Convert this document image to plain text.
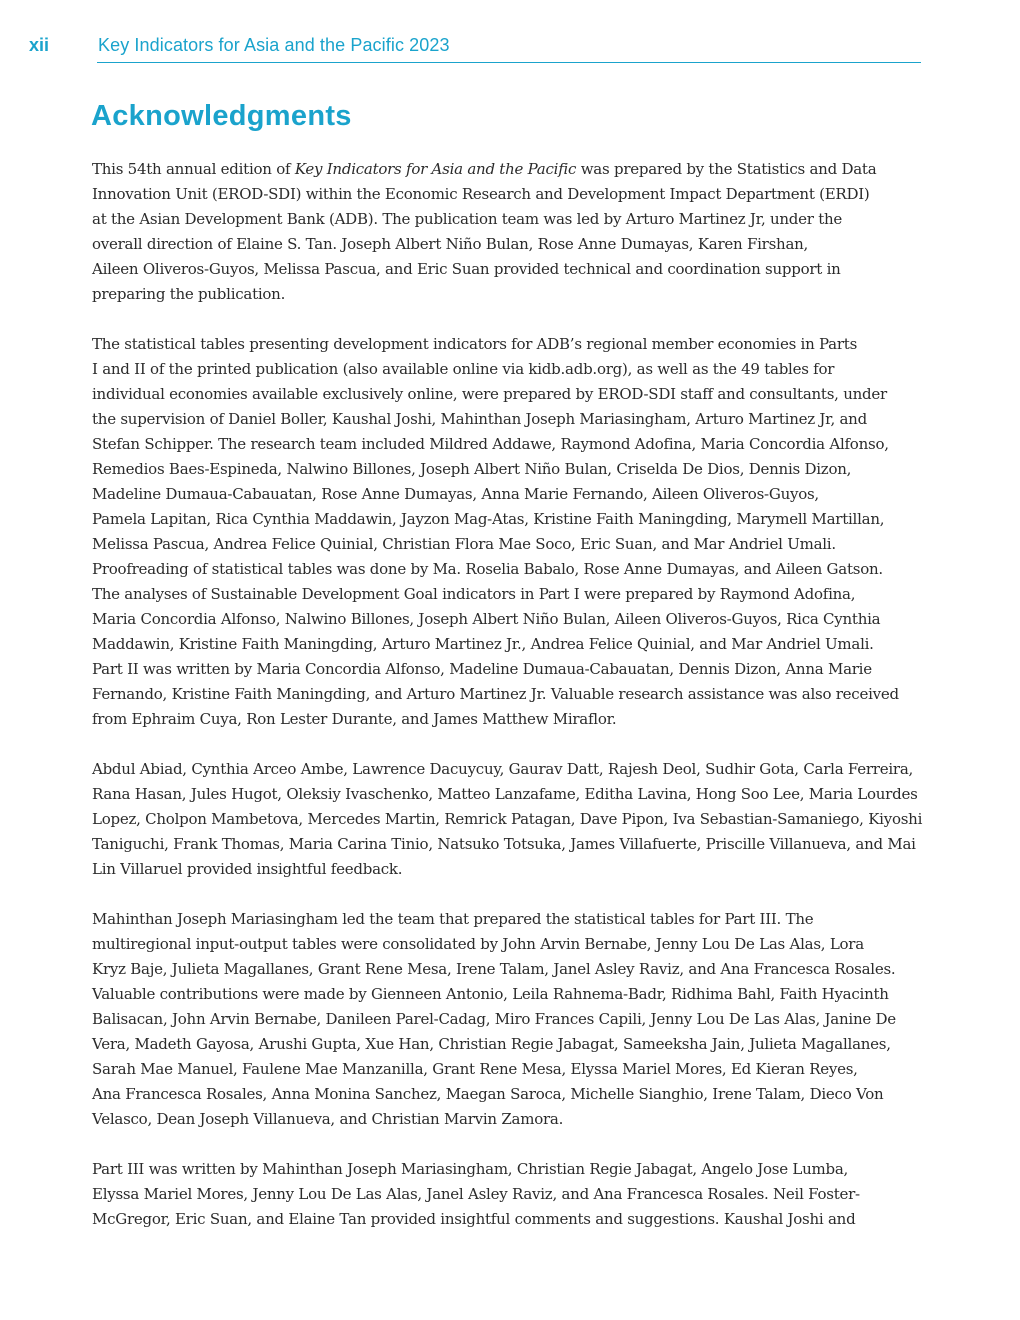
xii	Key Indicators for Asia and the Pacific 2023
Acknowledgments

This 54th annual edition of Key Indicators for Asia and the Pacific was prepared by the Statistics and Data
Innovation Unit (EROD-SDI) within the Economic Research and Development Impact Department (ERDI)
at the Asian Development Bank (ADB). The publication team was led by Arturo Martinez Jr, under the
overall direction of Elaine S. Tan. Joseph Albert Niño Bulan, Rose Anne Dumayas, Karen Firshan,
Aileen Oliveros-Guyos, Melissa Pascua, and Eric Suan provided technical and coordination support in
preparing the publication.

The statistical tables presenting development indicators for ADB’s regional member economies in Parts
I and II of the printed publication (also available online via kidb.adb.org), as well as the 49 tables for
individual economies available exclusively online, were prepared by EROD-SDI staff and consultants, under
the supervision of Daniel Boller, Kaushal Joshi, Mahinthan Joseph Mariasingham, Arturo Martinez Jr, and
Stefan Schipper. The research team included Mildred Addawe, Raymond Adofina, Maria Concordia Alfonso,
Remedios Baes-Espineda, Nalwino Billones, Joseph Albert Niño Bulan, Criselda De Dios, Dennis Dizon,
Madeline Dumaua-Cabauatan, Rose Anne Dumayas, Anna Marie Fernando, Aileen Oliveros-Guyos,
Pamela Lapitan, Rica Cynthia Maddawin, Jayzon Mag-Atas, Kristine Faith Maningding, Marymell Martillan,
Melissa Pascua, Andrea Felice Quinial, Christian Flora Mae Soco, Eric Suan, and Mar Andriel Umali.
Proofreading of statistical tables was done by Ma. Roselia Babalo, Rose Anne Dumayas, and Aileen Gatson.
The analyses of Sustainable Development Goal indicators in Part I were prepared by Raymond Adofina,
Maria Concordia Alfonso, Nalwino Billones, Joseph Albert Niño Bulan, Aileen Oliveros-Guyos, Rica Cynthia
Maddawin, Kristine Faith Maningding, Arturo Martinez Jr., Andrea Felice Quinial, and Mar Andriel Umali.
Part II was written by Maria Concordia Alfonso, Madeline Dumaua-Cabauatan, Dennis Dizon, Anna Marie
Fernando, Kristine Faith Maningding, and Arturo Martinez Jr. Valuable research assistance was also received
from Ephraim Cuya, Ron Lester Durante, and James Matthew Miraflor.

Abdul Abiad, Cynthia Arceo Ambe, Lawrence Dacuycuy, Gaurav Datt, Rajesh Deol, Sudhir Gota, Carla Ferreira,
Rana Hasan, Jules Hugot, Oleksiy Ivaschenko, Matteo Lanzafame, Editha Lavina, Hong Soo Lee, Maria Lourdes
Lopez, Cholpon Mambetova, Mercedes Martin, Remrick Patagan, Dave Pipon, Iva Sebastian-Samaniego, Kiyoshi
Taniguchi, Frank Thomas, Maria Carina Tinio, Natsuko Totsuka, James Villafuerte, Priscille Villanueva, and Mai
Lin Villaruel provided insightful feedback.

Mahinthan Joseph Mariasingham led the team that prepared the statistical tables for Part III. The
multiregional input-output tables were consolidated by John Arvin Bernabe, Jenny Lou De Las Alas, Lora
Kryz Baje, Julieta Magallanes, Grant Rene Mesa, Irene Talam, Janel Asley Raviz, and Ana Francesca Rosales.
Valuable contributions were made by Gienneen Antonio, Leila Rahnema-Badr, Ridhima Bahl, Faith Hyacinth
Balisacan, John Arvin Bernabe, Danileen Parel-Cadag, Miro Frances Capili, Jenny Lou De Las Alas, Janine De
Vera, Madeth Gayosa, Arushi Gupta, Xue Han, Christian Regie Jabagat, Sameeksha Jain, Julieta Magallanes,
Sarah Mae Manuel, Faulene Mae Manzanilla, Grant Rene Mesa, Elyssa Mariel Mores, Ed Kieran Reyes,
Ana Francesca Rosales, Anna Monina Sanchez, Maegan Saroca, Michelle Sianghio, Irene Talam, Dieco Von
Velasco, Dean Joseph Villanueva, and Christian Marvin Zamora.

Part III was written by Mahinthan Joseph Mariasingham, Christian Regie Jabagat, Angelo Jose Lumba,
Elyssa Mariel Mores, Jenny Lou De Las Alas, Janel Asley Raviz, and Ana Francesca Rosales. Neil Foster-
McGregor, Eric Suan, and Elaine Tan provided insightful comments and suggestions. Kaushal Joshi and
